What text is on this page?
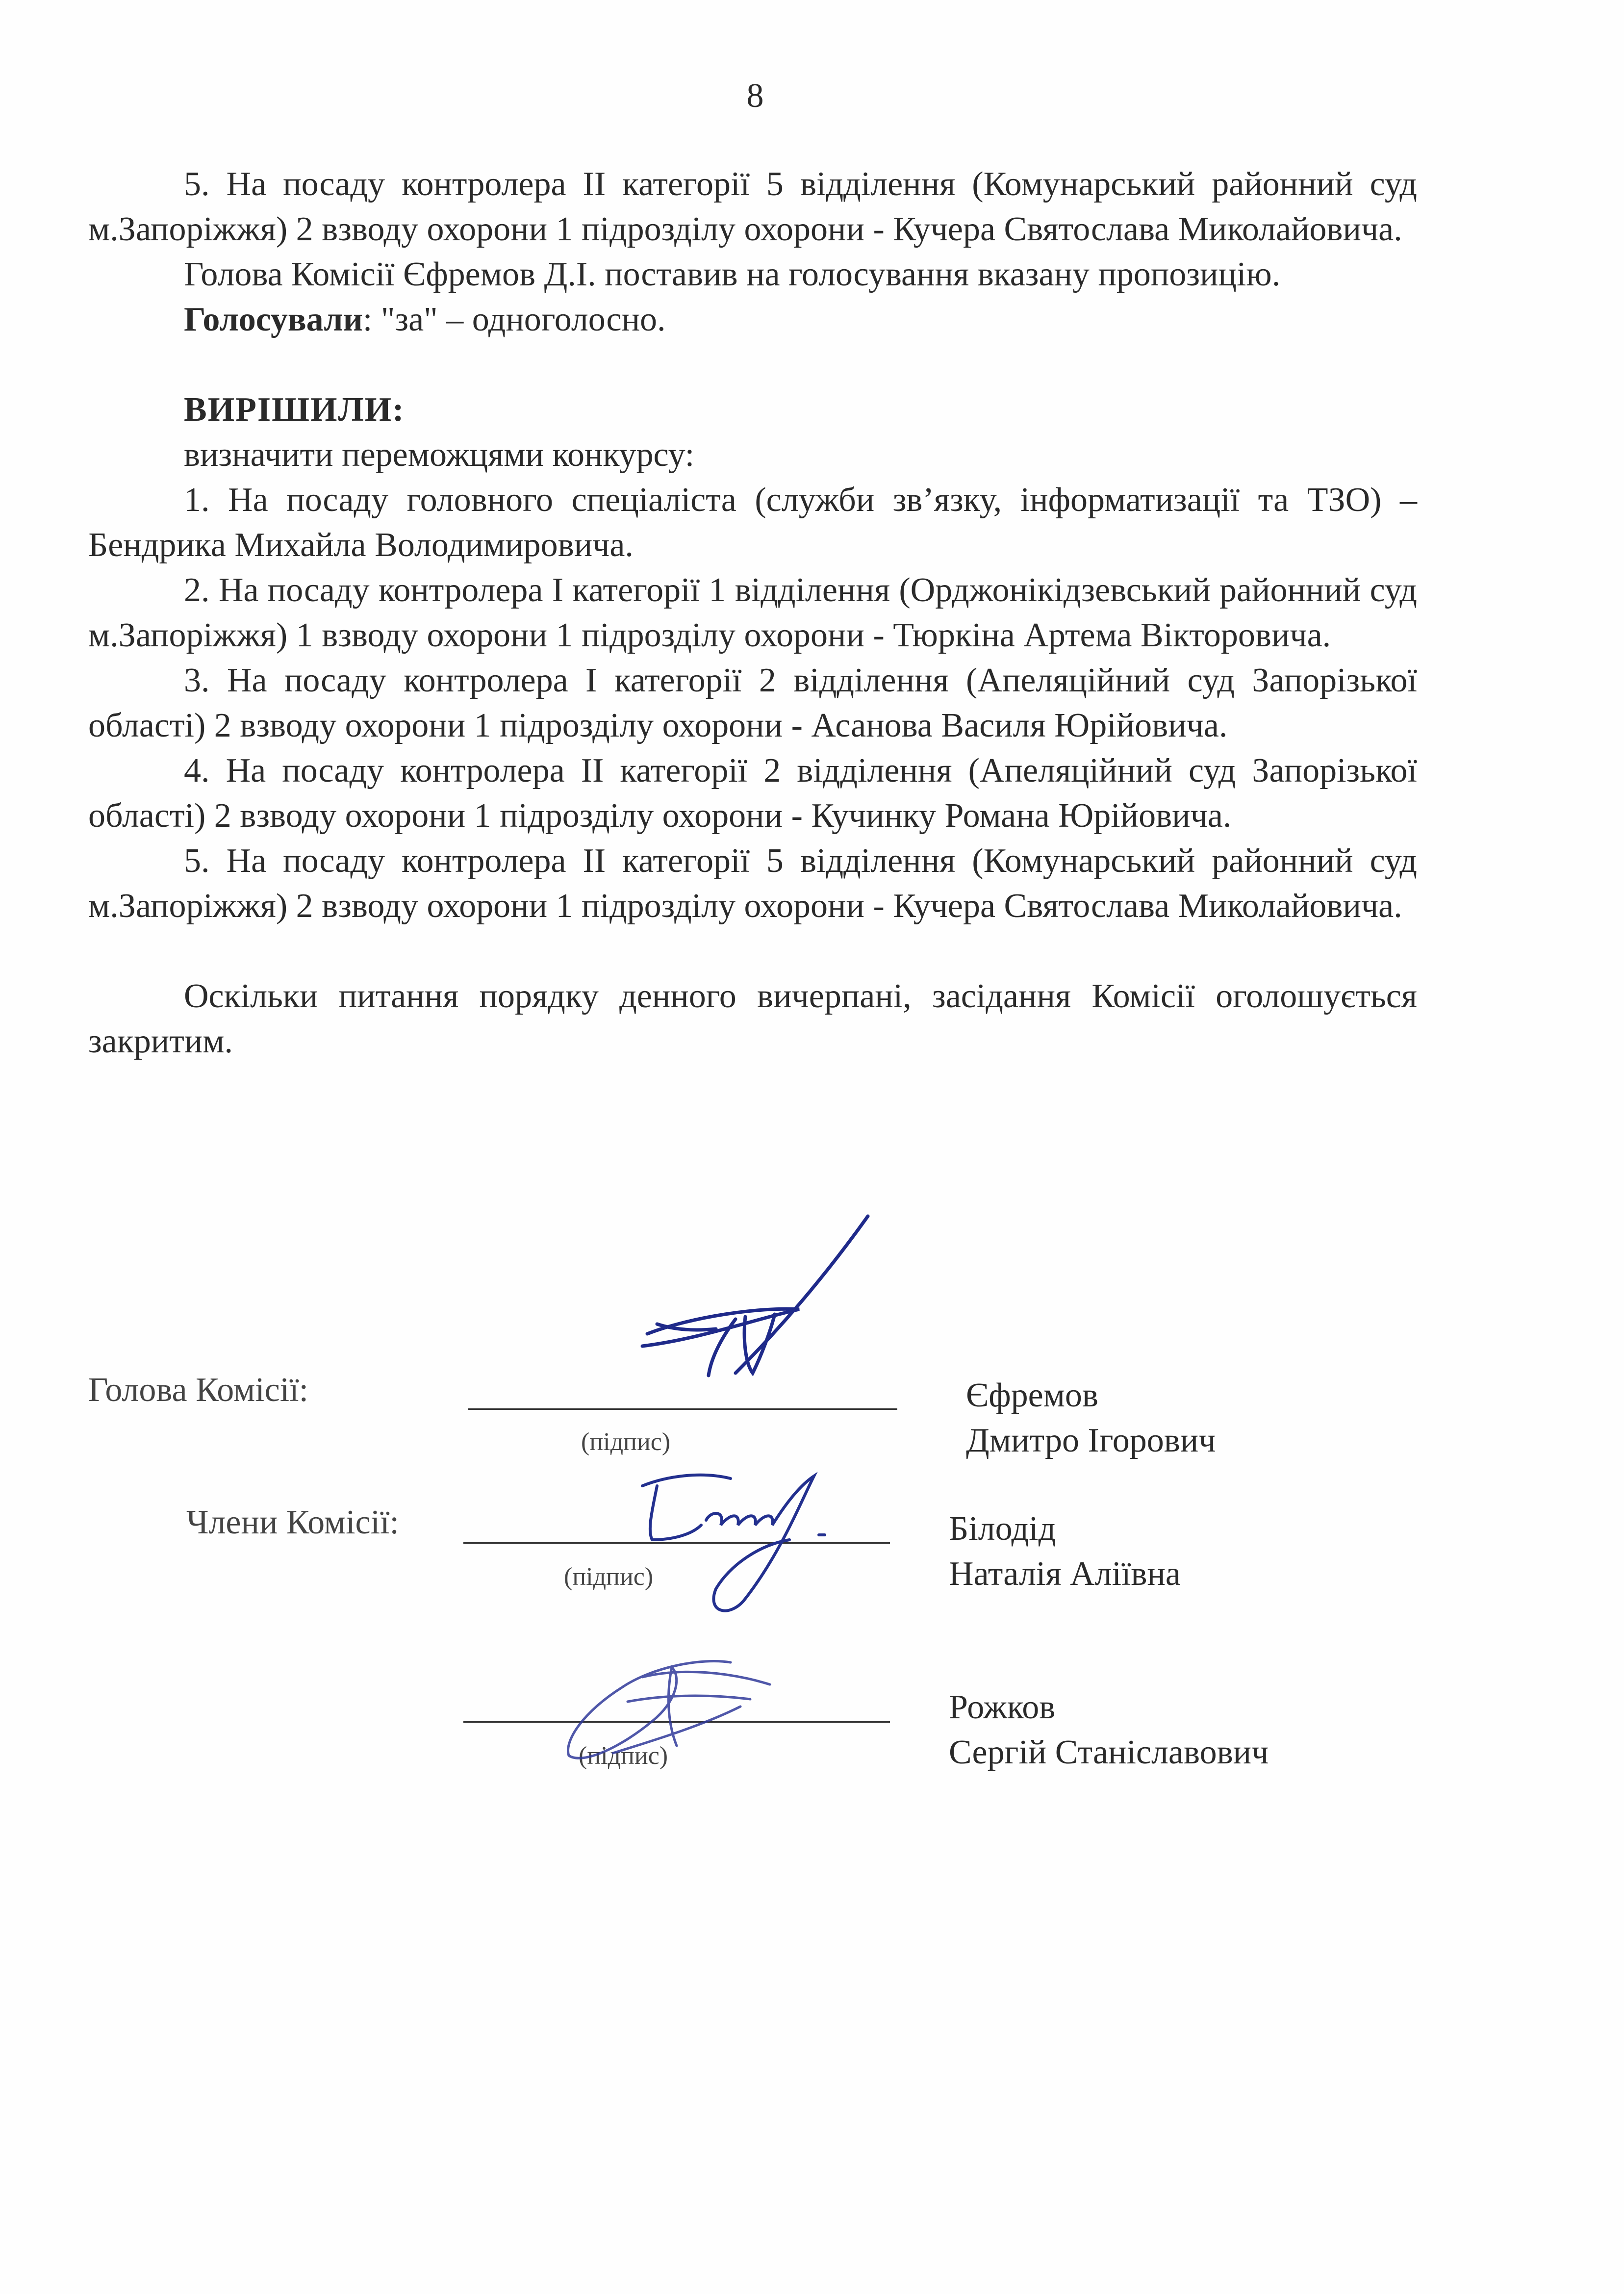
8

5. На посаду контролера II категорії 5 відділення (Комунарський районний суд м.Запоріжжя) 2 взводу охорони 1 підрозділу охорони - Кучера Святослава Миколайовича.

Голова Комісії Єфремов Д.І. поставив на голосування вказану пропозицію.

Голосували: "за" – одноголосно.

ВИРІШИЛИ:

визначити переможцями конкурсу:

1. На посаду головного спеціаліста (служби зв’язку, інформатизації та ТЗО) – Бендрика Михайла Володимировича.

2. На посаду контролера І категорії 1 відділення (Орджонікідзевський районний суд м.Запоріжжя) 1 взводу охорони 1 підрозділу охорони - Тюркіна Артема Вікторовича.

3. На посаду контролера І категорії 2 відділення (Апеляційний суд Запорізької області) 2 взводу охорони 1 підрозділу охорони - Асанова Василя Юрійовича.

4. На посаду контролера ІІ категорії 2 відділення (Апеляційний суд Запорізької області) 2 взводу охорони 1 підрозділу охорони - Кучинку Романа Юрійовича.

5. На посаду контролера ІІ категорії 5 відділення (Комунарський районний суд м.Запоріжжя) 2 взводу охорони 1 підрозділу охорони - Кучера Святослава Миколайовича.

Оскільки питання порядку денного вичерпані, засідання Комісії оголошується закритим.

Голова Комісії:
(підпис)
Єфремов
Дмитро Ігорович
Члени Комісії:
(підпис)
Білодід
Наталія Аліївна
(підпис)
Рожков
Сергій Станіславович
